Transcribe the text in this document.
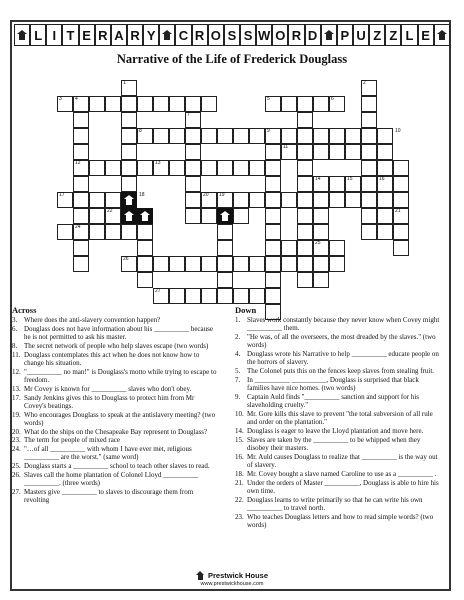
L I T E R A R Y C R O S S W O R D P U Z Z L E
Narrative of the Life of Frederick Douglass
1	2
3	4	5	6
7
8	9	10
11
12	13
14	15	16
17	18	19
20
21
22	23
24
25
26
27
Across
3. Where does the anti-slavery convention happen?
6. Douglass does not have information about his __________ because he is not permitted to ask his master.
8. The secret network of people who help slaves escape (two words)
11. Douglass contemplates this act when he does not know how to change his situation.
12. "__________ no man!" is Douglass's motto while trying to escape to freedom.
13. Mr Covey is known for __________ slaves who don't obey.
17. Sandy Jenkins gives this to Douglass to protect him from Mr Covey's beatings.
19. Who encourages Douglass to speak at the antislavery meeting? (two words)
20. What do the ships on the Chesapeake Bay represent to Douglass?
23. The term for people of mixed race
24. "…of all __________ with whom I have ever met, religious __________ are the worst." (same word)
25. Douglass starts a __________ school to teach other slaves to read.
26. Slaves call the home plantation of Colonel Lloyd __________ __________. (three words)
27. Masters give __________ to slaves to discourage them from revolting
Down
1. Slaves work constantly because they never know when Covey might __________ them.
2. "He was, of all the overseers, the most dreaded by the slaves." (two words)
4. Douglass wrote his Narrative to help __________ educate people on the horrors of slavery.
5. The Colonel puts this on the fences keep slaves from stealing fruit.
7. In __________ __________, Douglass is surprised that black families have nice homes. (two words)
9. Captain Auld finds "__________ sanction and support for his slaveholding cruelty."
10. Mr. Gore kills this slave to prevent "the total subversion of all rule and order on the plantation."
14. Douglass is eager to leave the Lloyd plantation and move here.
15. Slaves are taken by the __________ to be whipped when they disobey their masters.
16. Mr. Auld causes Douglass to realize that __________ is the way out of slavery.
18. Mr. Covey bought a slave named Caroline to use as a __________ .
21. Under the orders of Master __________, Douglass is able to hire his own time.
22. Douglass learns to write primarily so that he can write his own __________ to travel north.
23. Who teaches Douglass letters and how to read simple words? (two words)
Prestwick House
www.prestwickhouse.com
